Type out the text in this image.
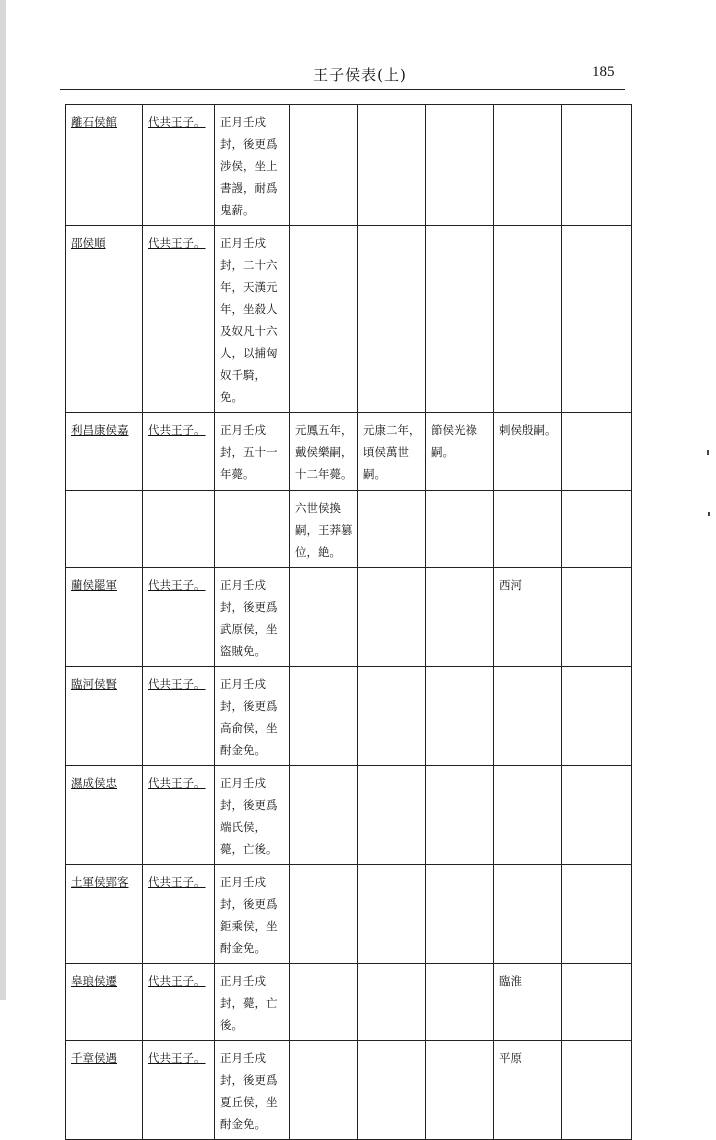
王子侯表(上)	185
離石侯館	代共王子。	正月壬戌封，後更爲涉侯，坐上書謾，耐爲鬼薪。					
邵侯順	代共王子。	正月壬戌封，二十六年，天漢元年，坐殺人及奴凡十六人，以捕匈奴千騎，免。					
利昌康侯嘉	代共王子。	正月壬戌封，五十一年薨。	元鳳五年，戴侯樂嗣，十二年薨。	元康二年，頃侯萬世嗣。	節侯光祿嗣。	剌侯殷嗣。	
			六世侯換嗣，王莽篡位，絶。				
藺侯罷軍	代共王子。	正月壬戌封，後更爲武原侯，坐盜賊免。				西河	
臨河侯賢	代共王子。	正月壬戌封，後更爲高俞侯，坐酎金免。					
濕成侯忠	代共王子。	正月壬戌封，後更爲端氏侯，薨，亡後。					
土軍侯郢客	代共王子。	正月壬戌封，後更爲鉅乘侯，坐酎金免。					
皋琅侯遷	代共王子。	正月壬戌封，薨，亡後。				臨淮	
千章侯遇	代共王子。	正月壬戌封，後更爲夏丘侯，坐酎金免。				平原	
